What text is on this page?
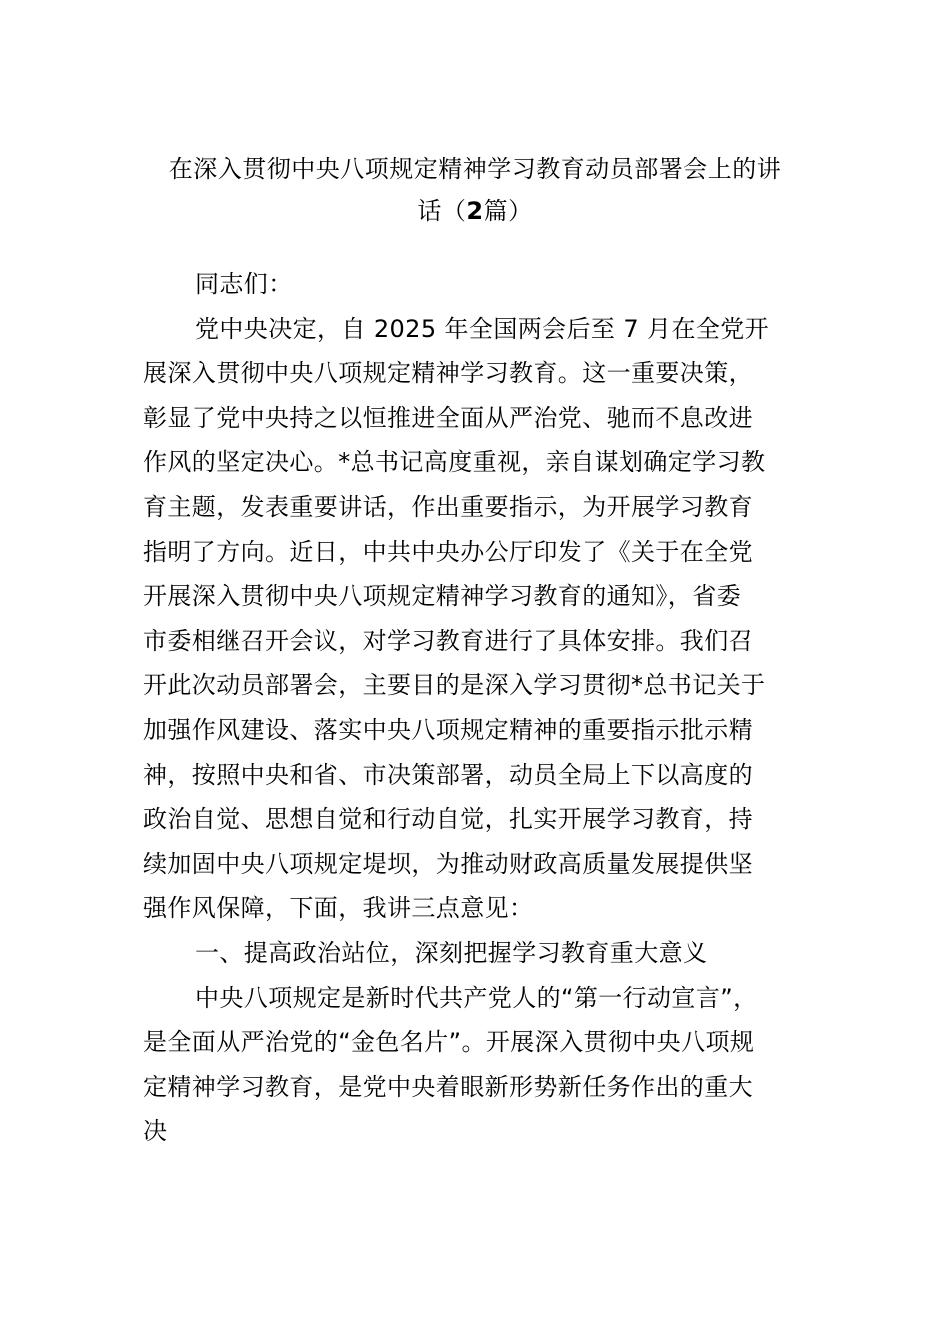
在深入贯彻中央八项规定精神学习教育动员部署会上的讲
话（2篇）
同志们：
党中央决定，自 2025 年全国两会后至 7 月在全党开
展深入贯彻中央八项规定精神学习教育。这一重要决策，
彰显了党中央持之以恒推进全面从严治党、驰而不息改进
作风的坚定决心。*总书记高度重视，亲自谋划确定学习教
育主题，发表重要讲话，作出重要指示，为开展学习教育
指明了方向。近日，中共中央办公厅印发了《关于在全党
开展深入贯彻中央八项规定精神学习教育的通知》，省委
市委相继召开会议，对学习教育进行了具体安排。我们召
开此次动员部署会，主要目的是深入学习贯彻*总书记关于
加强作风建设、落实中央八项规定精神的重要指示批示精
神，按照中央和省、市决策部署，动员全局上下以高度的
政治自觉、思想自觉和行动自觉，扎实开展学习教育，持
续加固中央八项规定堤坝，为推动财政高质量发展提供坚
强作风保障，下面，我讲三点意见：
一、提高政治站位，深刻把握学习教育重大意义
中央八项规定是新时代共产党人的“第一行动宣言”，
是全面从严治党的“金色名片”。开展深入贯彻中央八项规
定精神学习教育，是党中央着眼新形势新任务作出的重大
决
